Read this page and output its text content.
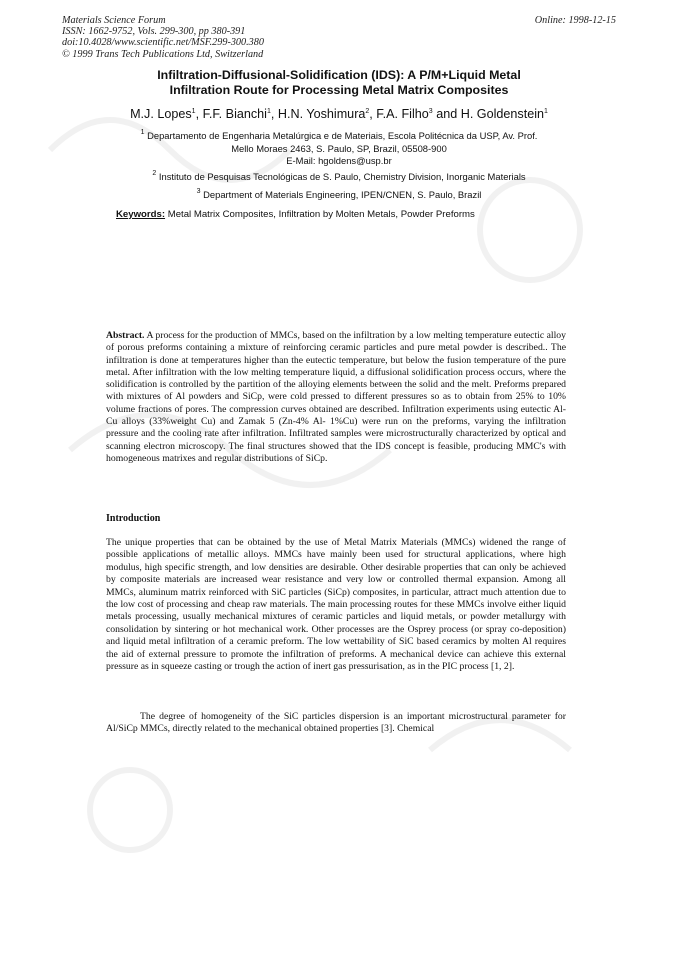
Materials Science Forum
ISSN: 1662-9752, Vols. 299-300, pp 380-391
doi:10.4028/www.scientific.net/MSF.299-300.380
© 1999 Trans Tech Publications Ltd, Switzerland
Online: 1998-12-15
Infiltration-Diffusional-Solidification (IDS): A P/M+Liquid Metal
Infiltration Route for Processing Metal Matrix Composites
M.J. Lopes$^1$, F.F. Bianchi$^1$, H.N. Yoshimura$^2$, F.A. Filho$^3$ and H. Goldenstein$^1$
$^1$ Departamento de Engenharia Metalúrgica e de Materiais, Escola Politécnica da USP, Av. Prof.
Mello Moraes 2463, S. Paulo, SP, Brazil, 05508-900
E-Mail: hgoldens@usp.br
$^2$ Instituto de Pesquisas Tecnológicas de S. Paulo, Chemistry Division, Inorganic Materials
$^3$ Department of Materials Engineering, IPEN/CNEN, S. Paulo, Brazil
Keywords: Metal Matrix Composites, Infiltration by Molten Metals, Powder Preforms
Abstract. A process for the production of MMCs, based on the infiltration by a low melting temperature eutectic alloy of porous preforms containing a mixture of reinforcing ceramic particles and pure metal powder is described.. The infiltration is done at temperatures higher than the eutectic temperature, but below the fusion temperature of the pure metal. After infiltration with the low melting temperature liquid, a diffusional solidification process occurs, where the solidification is controlled by the partition of the alloying elements between the solid and the melt. Preforms prepared with mixtures of Al powders and SiCp, were cold pressed to different pressures so as to obtain from 25% to 10% volume fractions of pores. The compression curves obtained are described. Infiltration experiments using eutectic Al-Cu alloys (33%weight Cu) and Zamak 5 (Zn-4% Al- 1%Cu) were run on the preforms, varying the infiltration pressure and the cooling rate after infiltration. Infiltrated samples were microstructurally characterized by optical and scanning electron microscopy. The final structures showed that the IDS concept is feasible, producing MMC's with homogeneous matrixes and regular distributions of SiCp.
Introduction
The unique properties that can be obtained by the use of Metal Matrix Materials (MMCs) widened the range of possible applications of metallic alloys. MMCs have mainly been used for structural applications, where high modulus, high specific strength, and low densities are desirable. Other desirable properties that can only be achieved by composite materials are increased wear resistance and very low or controlled thermal expansion. Among all MMCs, aluminum matrix reinforced with SiC particles (SiCp) composites, in particular, attract much attention due to the low cost of processing and cheap raw materials. The main processing routes for these MMCs involve either liquid metals processing, usually mechanical mixtures of ceramic particles and liquid metals, or powder metallurgy with consolidation by sintering or hot mechanical work. Other processes are the Osprey process (or spray co-deposition) and liquid metal infiltration of a ceramic preform. The low wettability of SiC based ceramics by molten Al requires the aid of external pressure to promote the infiltration of preforms. A mechanical device can achieve this external pressure as in squeeze casting or trough the action of inert gas pressurisation, as in the PIC process [1, 2].
The degree of homogeneity of the SiC particles dispersion is an important microstructural parameter for Al/SiCp MMCs, directly related to the mechanical obtained properties [3]. Chemical
